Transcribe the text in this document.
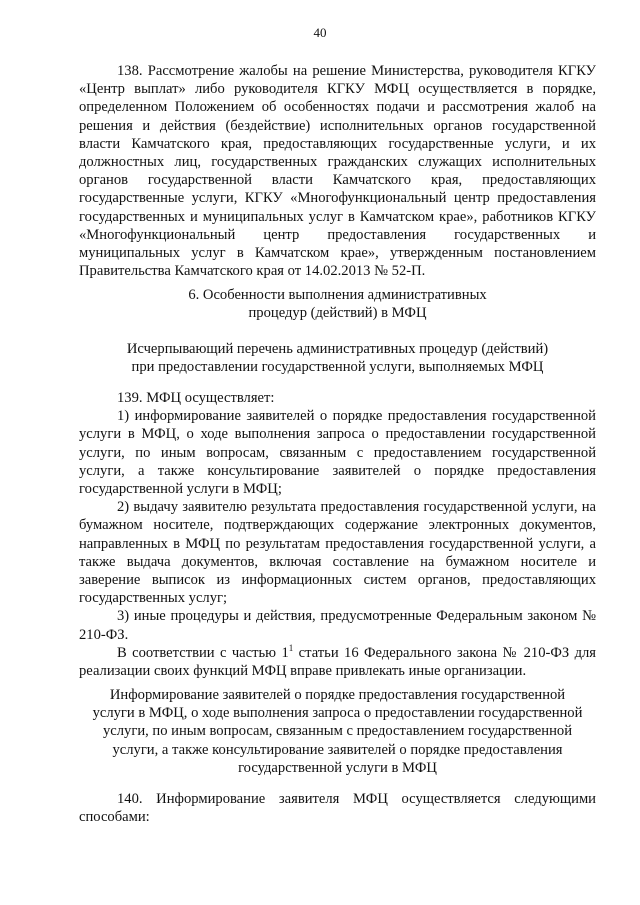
40

138. Рассмотрение жалобы на решение Министерства, руководителя КГКУ «Центр выплат» либо руководителя КГКУ МФЦ осуществляется в порядке, определенном Положением об особенностях подачи и рассмотрения жалоб на решения и действия (бездействие) исполнительных органов государственной власти Камчатского края, предоставляющих государственные услуги, и их должностных лиц, государственных гражданских служащих исполнительных органов государственной власти Камчатского края, предоставляющих государственные услуги, КГКУ «Многофункциональный центр предоставления государственных и муниципальных услуг в Камчатском крае», работников КГКУ «Многофункциональный центр предоставления государственных и муниципальных услуг в Камчатском крае», утвержденным постановлением Правительства Камчатского края от 14.02.2013 № 52-П.

6. Особенности выполнения административных
процедур (действий) в МФЦ
Исчерпывающий перечень административных процедур (действий)
при предоставлении государственной услуги, выполняемых МФЦ

139. МФЦ осуществляет:

1) информирование заявителей о порядке предоставления государственной услуги в МФЦ, о ходе выполнения запроса о предоставлении государственной услуги, по иным вопросам, связанным с предоставлением государственной услуги, а также консультирование заявителей о порядке предоставления государственной услуги в МФЦ;

2) выдачу заявителю результата предоставления государственной услуги, на бумажном носителе, подтверждающих содержание электронных документов, направленных в МФЦ по результатам предоставления государственной услуги, а также выдача документов, включая составление на бумажном носителе и заверение выписок из информационных систем органов, предоставляющих государственных услуг;

3) иные процедуры и действия, предусмотренные Федеральным законом № 210-ФЗ.

В соответствии с частью $1^1$ статьи 16 Федерального закона № 210-ФЗ для реализации своих функций МФЦ вправе привлекать иные организации.

Информирование заявителей о порядке предоставления государственной
услуги в МФЦ, о ходе выполнения запроса о предоставлении государственной
услуги, по иным вопросам, связанным с предоставлением государственной
услуги, а также консультирование заявителей о порядке предоставления
государственной услуги в МФЦ

140. Информирование заявителя МФЦ осуществляется следующими способами:
